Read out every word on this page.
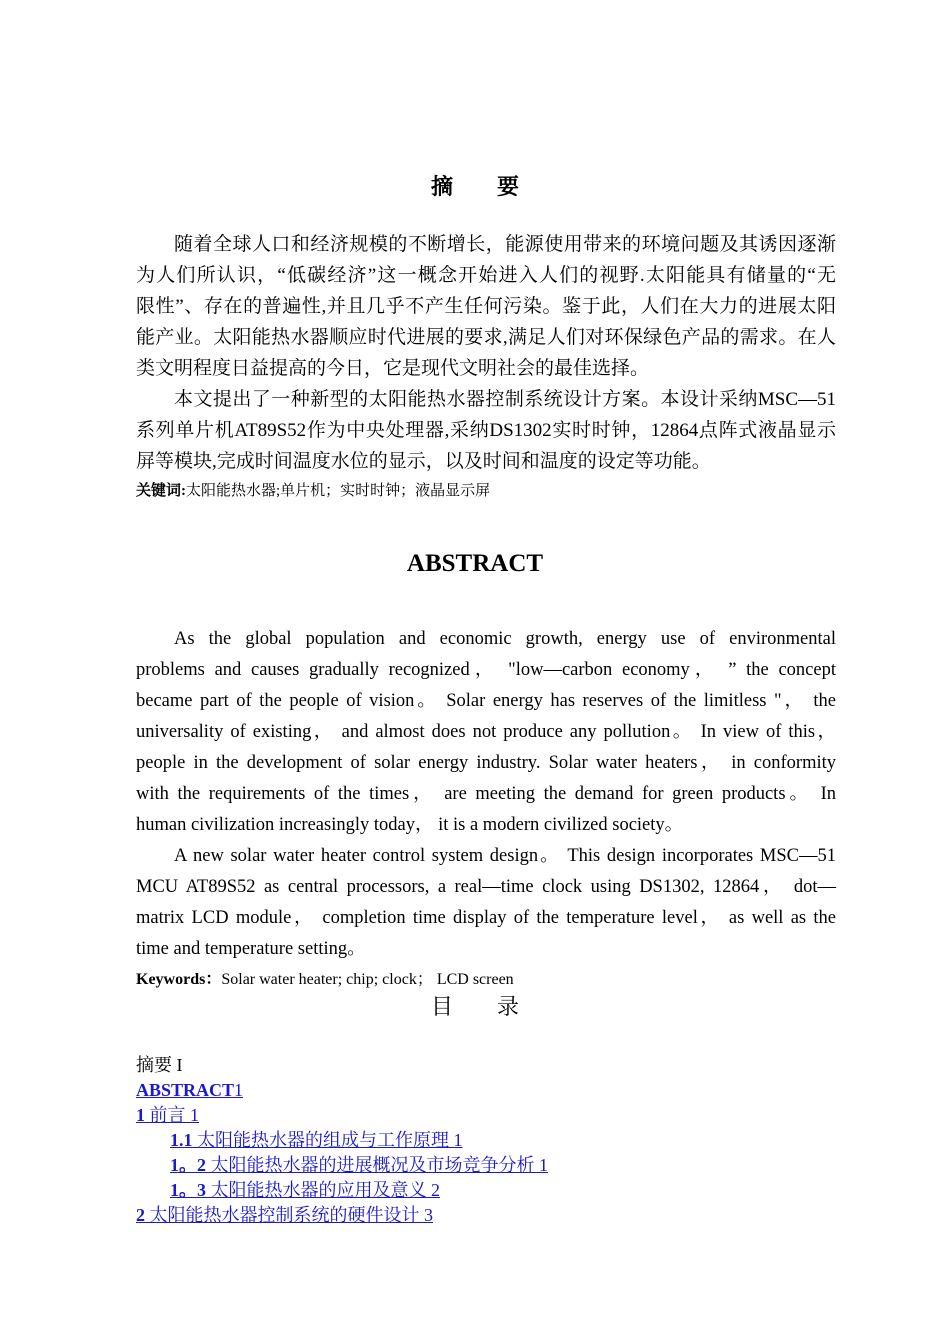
摘　　要
随着全球人口和经济规模的不断增长，能源使用带来的环境问题及其诱因逐渐
为人们所认识，“低碳经济”这一概念开始进入人们的视野.太阳能具有储量的“无
限性”、存在的普遍性,并且几乎不产生任何污染。鉴于此，人们在大力的进展太阳
能产业。太阳能热水器顺应时代进展的要求,满足人们对环保绿色产品的需求。在人
类文明程度日益提高的今日，它是现代文明社会的最佳选择。
本文提出了一种新型的太阳能热水器控制系统设计方案。本设计采纳MSC—51
系列单片机AT89S52作为中央处理器,采纳DS1302实时时钟，12864点阵式液晶显示
屏等模块,完成时间温度水位的显示，以及时间和温度的设定等功能。
关键词:太阳能热水器;单片机；实时时钟；液晶显示屏
ABSTRACT
As the global population and economic growth, energy use of environmental
problems and causes gradually recognized， "low—carbon economy， ” the concept
became part of the people of vision。 Solar energy has reserves of the limitless "， the
universality of existing， and almost does not produce any pollution。 In view of this，
people in the development of solar energy industry. Solar water heaters， in conformity
with the requirements of the times， are meeting the demand for green products。 In
human civilization increasingly today， it is a modern civilized society。
A new solar water heater control system design。 This design incorporates MSC—51
MCU AT89S52 as central processors, a real—time clock using DS1302, 12864， dot—
matrix LCD module， completion time display of the temperature level， as well as the
time and temperature setting。
Keywords：Solar water heater; chip; clock； LCD screen
目　　录
摘要 I
ABSTRACT1
1 前言 1
1.1 太阳能热水器的组成与工作原理 1
1。2 太阳能热水器的进展概况及市场竞争分析 1
1。3 太阳能热水器的应用及意义 2
2 太阳能热水器控制系统的硬件设计 3
